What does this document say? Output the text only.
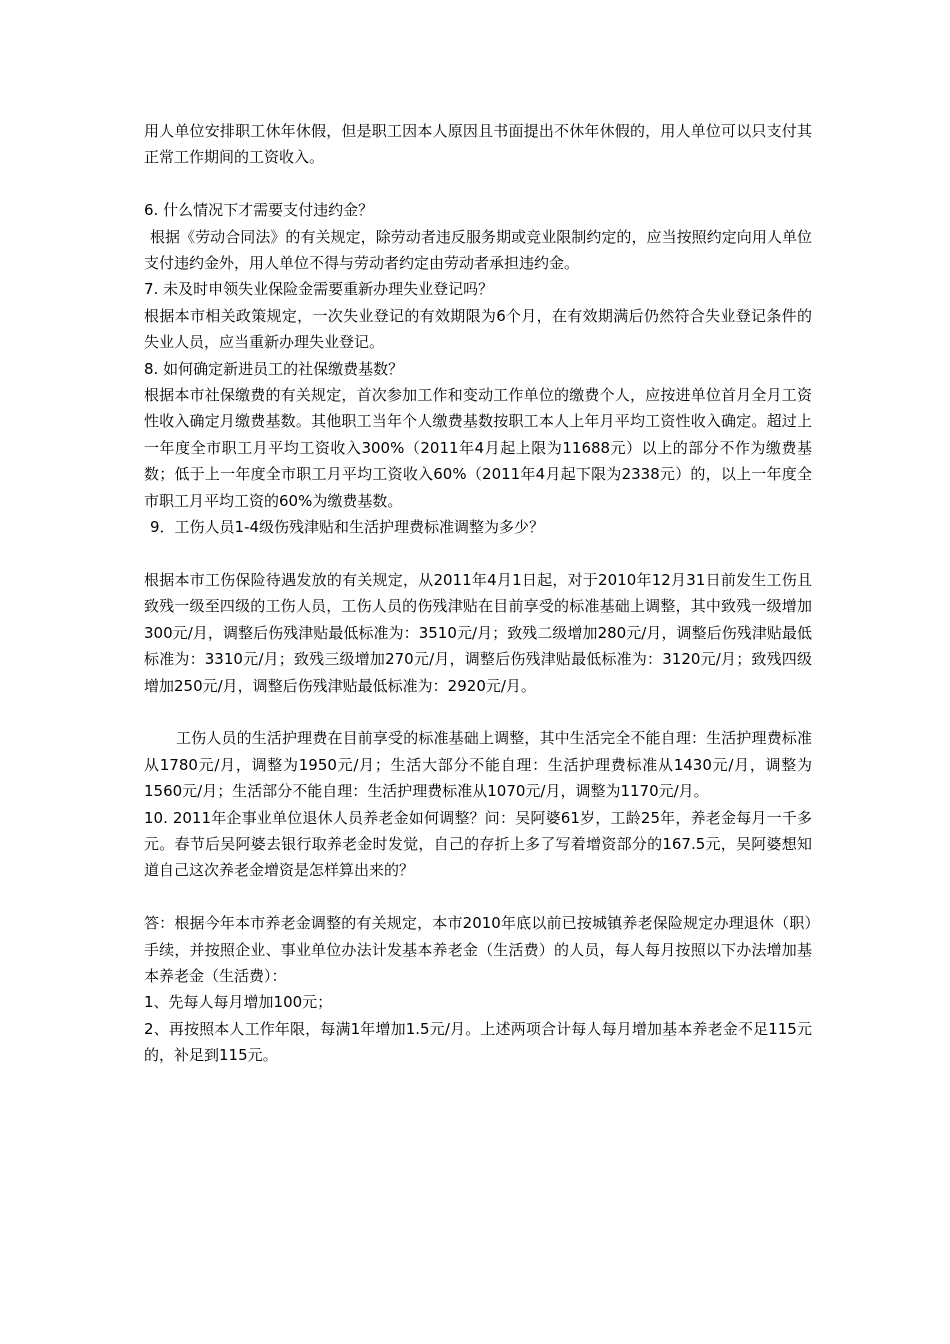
用人单位安排职工休年休假，但是职工因本人原因且书面提出不休年休假的，用人单位可以只支付其正常工作期间的工资收入。

6. 什么情况下才需要支付违约金？

根据《劳动合同法》的有关规定，除劳动者违反服务期或竞业限制约定的，应当按照约定向用人单位支付违约金外，用人单位不得与劳动者约定由劳动者承担违约金。

7. 未及时申领失业保险金需要重新办理失业登记吗？

根据本市相关政策规定，一次失业登记的有效期限为6个月，在有效期满后仍然符合失业登记条件的失业人员，应当重新办理失业登记。

8. 如何确定新进员工的社保缴费基数？

根据本市社保缴费的有关规定，首次参加工作和变动工作单位的缴费个人，应按进单位首月全月工资性收入确定月缴费基数。其他职工当年个人缴费基数按职工本人上年月平均工资性收入确定。超过上一年度全市职工月平均工资收入300%（2011年4月起上限为11688元）以上的部分不作为缴费基数；低于上一年度全市职工月平均工资收入60%（2011年4月起下限为2338元）的，以上一年度全市职工月平均工资的60%为缴费基数。

9．工伤人员1-4级伤残津贴和生活护理费标准调整为多少？

根据本市工伤保险待遇发放的有关规定，从2011年4月1日起，对于2010年12月31日前发生工伤且致残一级至四级的工伤人员，工伤人员的伤残津贴在目前享受的标准基础上调整，其中致残一级增加300元/月，调整后伤残津贴最低标准为：3510元/月；致残二级增加280元/月，调整后伤残津贴最低标准为：3310元/月；致残三级增加270元/月，调整后伤残津贴最低标准为：3120元/月；致残四级增加250元/月，调整后伤残津贴最低标准为：2920元/月。

工伤人员的生活护理费在目前享受的标准基础上调整，其中生活完全不能自理：生活护理费标准从1780元/月，调整为1950元/月；生活大部分不能自理：生活护理费标准从1430元/月，调整为1560元/月；生活部分不能自理：生活护理费标准从1070元/月，调整为1170元/月。

10. 2011年企事业单位退休人员养老金如何调整？问：吴阿婆61岁，工龄25年，养老金每月一千多元。春节后吴阿婆去银行取养老金时发觉，自己的存折上多了写着增资部分的167.5元，吴阿婆想知道自己这次养老金增资是怎样算出来的？

答：根据今年本市养老金调整的有关规定，本市2010年底以前已按城镇养老保险规定办理退休（职）手续，并按照企业、事业单位办法计发基本养老金（生活费）的人员，每人每月按照以下办法增加基本养老金（生活费）：

1、先每人每月增加100元；

2、再按照本人工作年限，每满1年增加1.5元/月。上述两项合计每人每月增加基本养老金不足115元的，补足到115元。
